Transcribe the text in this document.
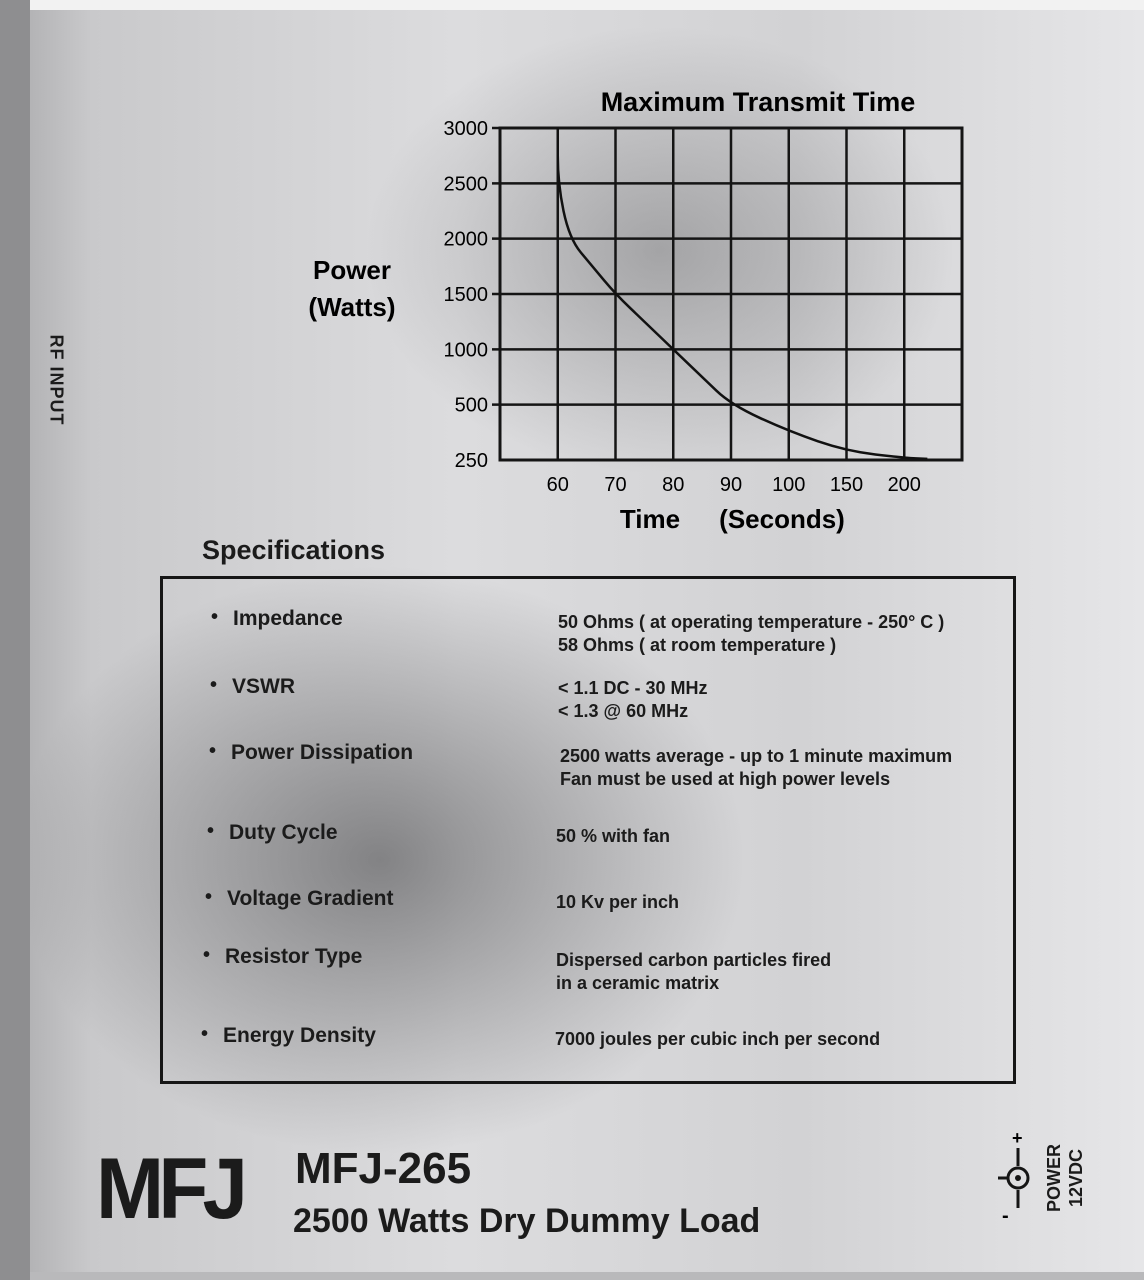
RF INPUT
Maximum Transmit Time
Power
(Watts)
Time (Seconds)
3000
2500
2000
1500
1000
500
250
60 70 80 90 100 150 200
Specifications
• Impedance	50 Ohms ( at operating temperature - 250° C )
58 Ohms ( at room temperature )
• VSWR	< 1.1 DC - 30 MHz
< 1.3 @ 60 MHz
• Power Dissipation	2500 watts average - up to 1 minute maximum
Fan must be used at high power levels
• Duty Cycle	50 % with fan
• Voltage Gradient	10 Kv per inch
• Resistor Type	Dispersed carbon particles fired
in a ceramic matrix
• Energy Density	7000 joules per cubic inch per second
MFJ MFJ-265
2500 Watts Dry Dummy Load
+
-
POWER 12VDC
